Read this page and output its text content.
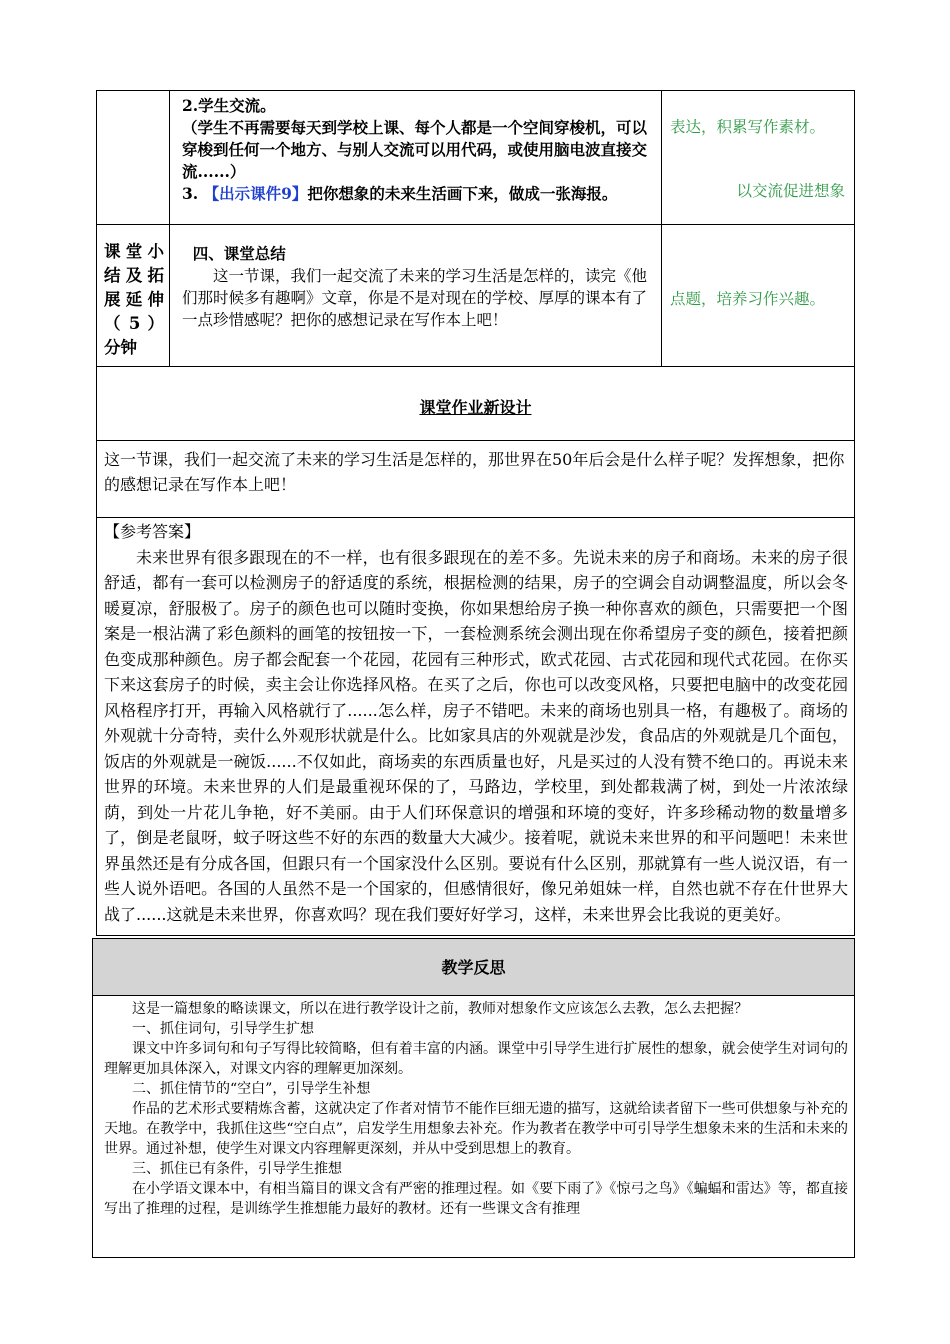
2.学生交流。

（学生不再需要每天到学校上课、每个人都是一个空间穿梭机，可以穿梭到任何一个地方、与别人交流可以用代码，或使用脑电波直接交流......）

3. 【出示课件9】把你想象的未来生活画下来，做成一张海报。

表达，积累写作素材。

以交流促进想象

课堂小结及拓展延伸（ 5 ）分钟

四、课堂总结

这一节课，我们一起交流了未来的学习生活是怎样的，读完《他们那时候多有趣啊》文章，你是不是对现在的学校、厚厚的课本有了一点珍惜感呢？把你的感想记录在写作本上吧！

点题，培养习作兴趣。

课堂作业新设计
这一节课，我们一起交流了未来的学习生活是怎样的，那世界在50年后会是什么样子呢？发挥想象，把你的感想记录在写作本上吧！

【参考答案】

未来世界有很多跟现在的不一样，也有很多跟现在的差不多。先说未来的房子和商场。未来的房子很舒适，都有一套可以检测房子的舒适度的系统，根据检测的结果，房子的空调会自动调整温度，所以会冬暖夏凉，舒服极了。房子的颜色也可以随时变换，你如果想给房子换一种你喜欢的颜色，只需要把一个图案是一根沾满了彩色颜料的画笔的按钮按一下，一套检测系统会测出现在你希望房子变的颜色，接着把颜色变成那种颜色。房子都会配套一个花园，花园有三种形式，欧式花园、古式花园和现代式花园。在你买下来这套房子的时候，卖主会让你选择风格。在买了之后，你也可以改变风格，只要把电脑中的改变花园风格程序打开，再输入风格就行了......怎么样，房子不错吧。未来的商场也别具一格，有趣极了。商场的外观就十分奇特，卖什么外观形状就是什么。比如家具店的外观就是沙发，食品店的外观就是几个面包，饭店的外观就是一碗饭......不仅如此，商场卖的东西质量也好，凡是买过的人没有赞不绝口的。再说未来世界的环境。未来世界的人们是最重视环保的了，马路边，学校里，到处都栽满了树，到处一片浓浓绿荫，到处一片花儿争艳，好不美丽。由于人们环保意识的增强和环境的变好，许多珍稀动物的数量增多了，倒是老鼠呀，蚊子呀这些不好的东西的数量大大减少。接着呢，就说未来世界的和平问题吧！未来世界虽然还是有分成各国，但跟只有一个国家没什么区别。要说有什么区别，那就算有一些人说汉语，有一些人说外语吧。各国的人虽然不是一个国家的，但感情很好，像兄弟姐妹一样，自然也就不存在什世界大战了......这就是未来世界，你喜欢吗？现在我们要好好学习，这样，未来世界会比我说的更美好。

教学反思

这是一篇想象的略读课文，所以在进行教学设计之前，教师对想象作文应该怎么去教，怎么去把握？

一、抓住词句，引导学生扩想

课文中许多词句和句子写得比较简略，但有着丰富的内涵。课堂中引导学生进行扩展性的想象，就会使学生对词句的理解更加具体深入，对课文内容的理解更加深刻。

二、抓住情节的“空白”，引导学生补想

作品的艺术形式要精炼含蓄，这就决定了作者对情节不能作巨细无遗的描写，这就给读者留下一些可供想象与补充的天地。在教学中，我抓住这些“空白点”，启发学生用想象去补充。作为教者在教学中可引导学生想象未来的生活和未来的世界。通过补想，使学生对课文内容理解更深刻，并从中受到思想上的教育。

三、抓住已有条件，引导学生推想

在小学语文课本中，有相当篇目的课文含有严密的推理过程。如《要下雨了》《惊弓之鸟》《蝙蝠和雷达》等，都直接写出了推理的过程，是训练学生推想能力最好的教材。还有一些课文含有推理
